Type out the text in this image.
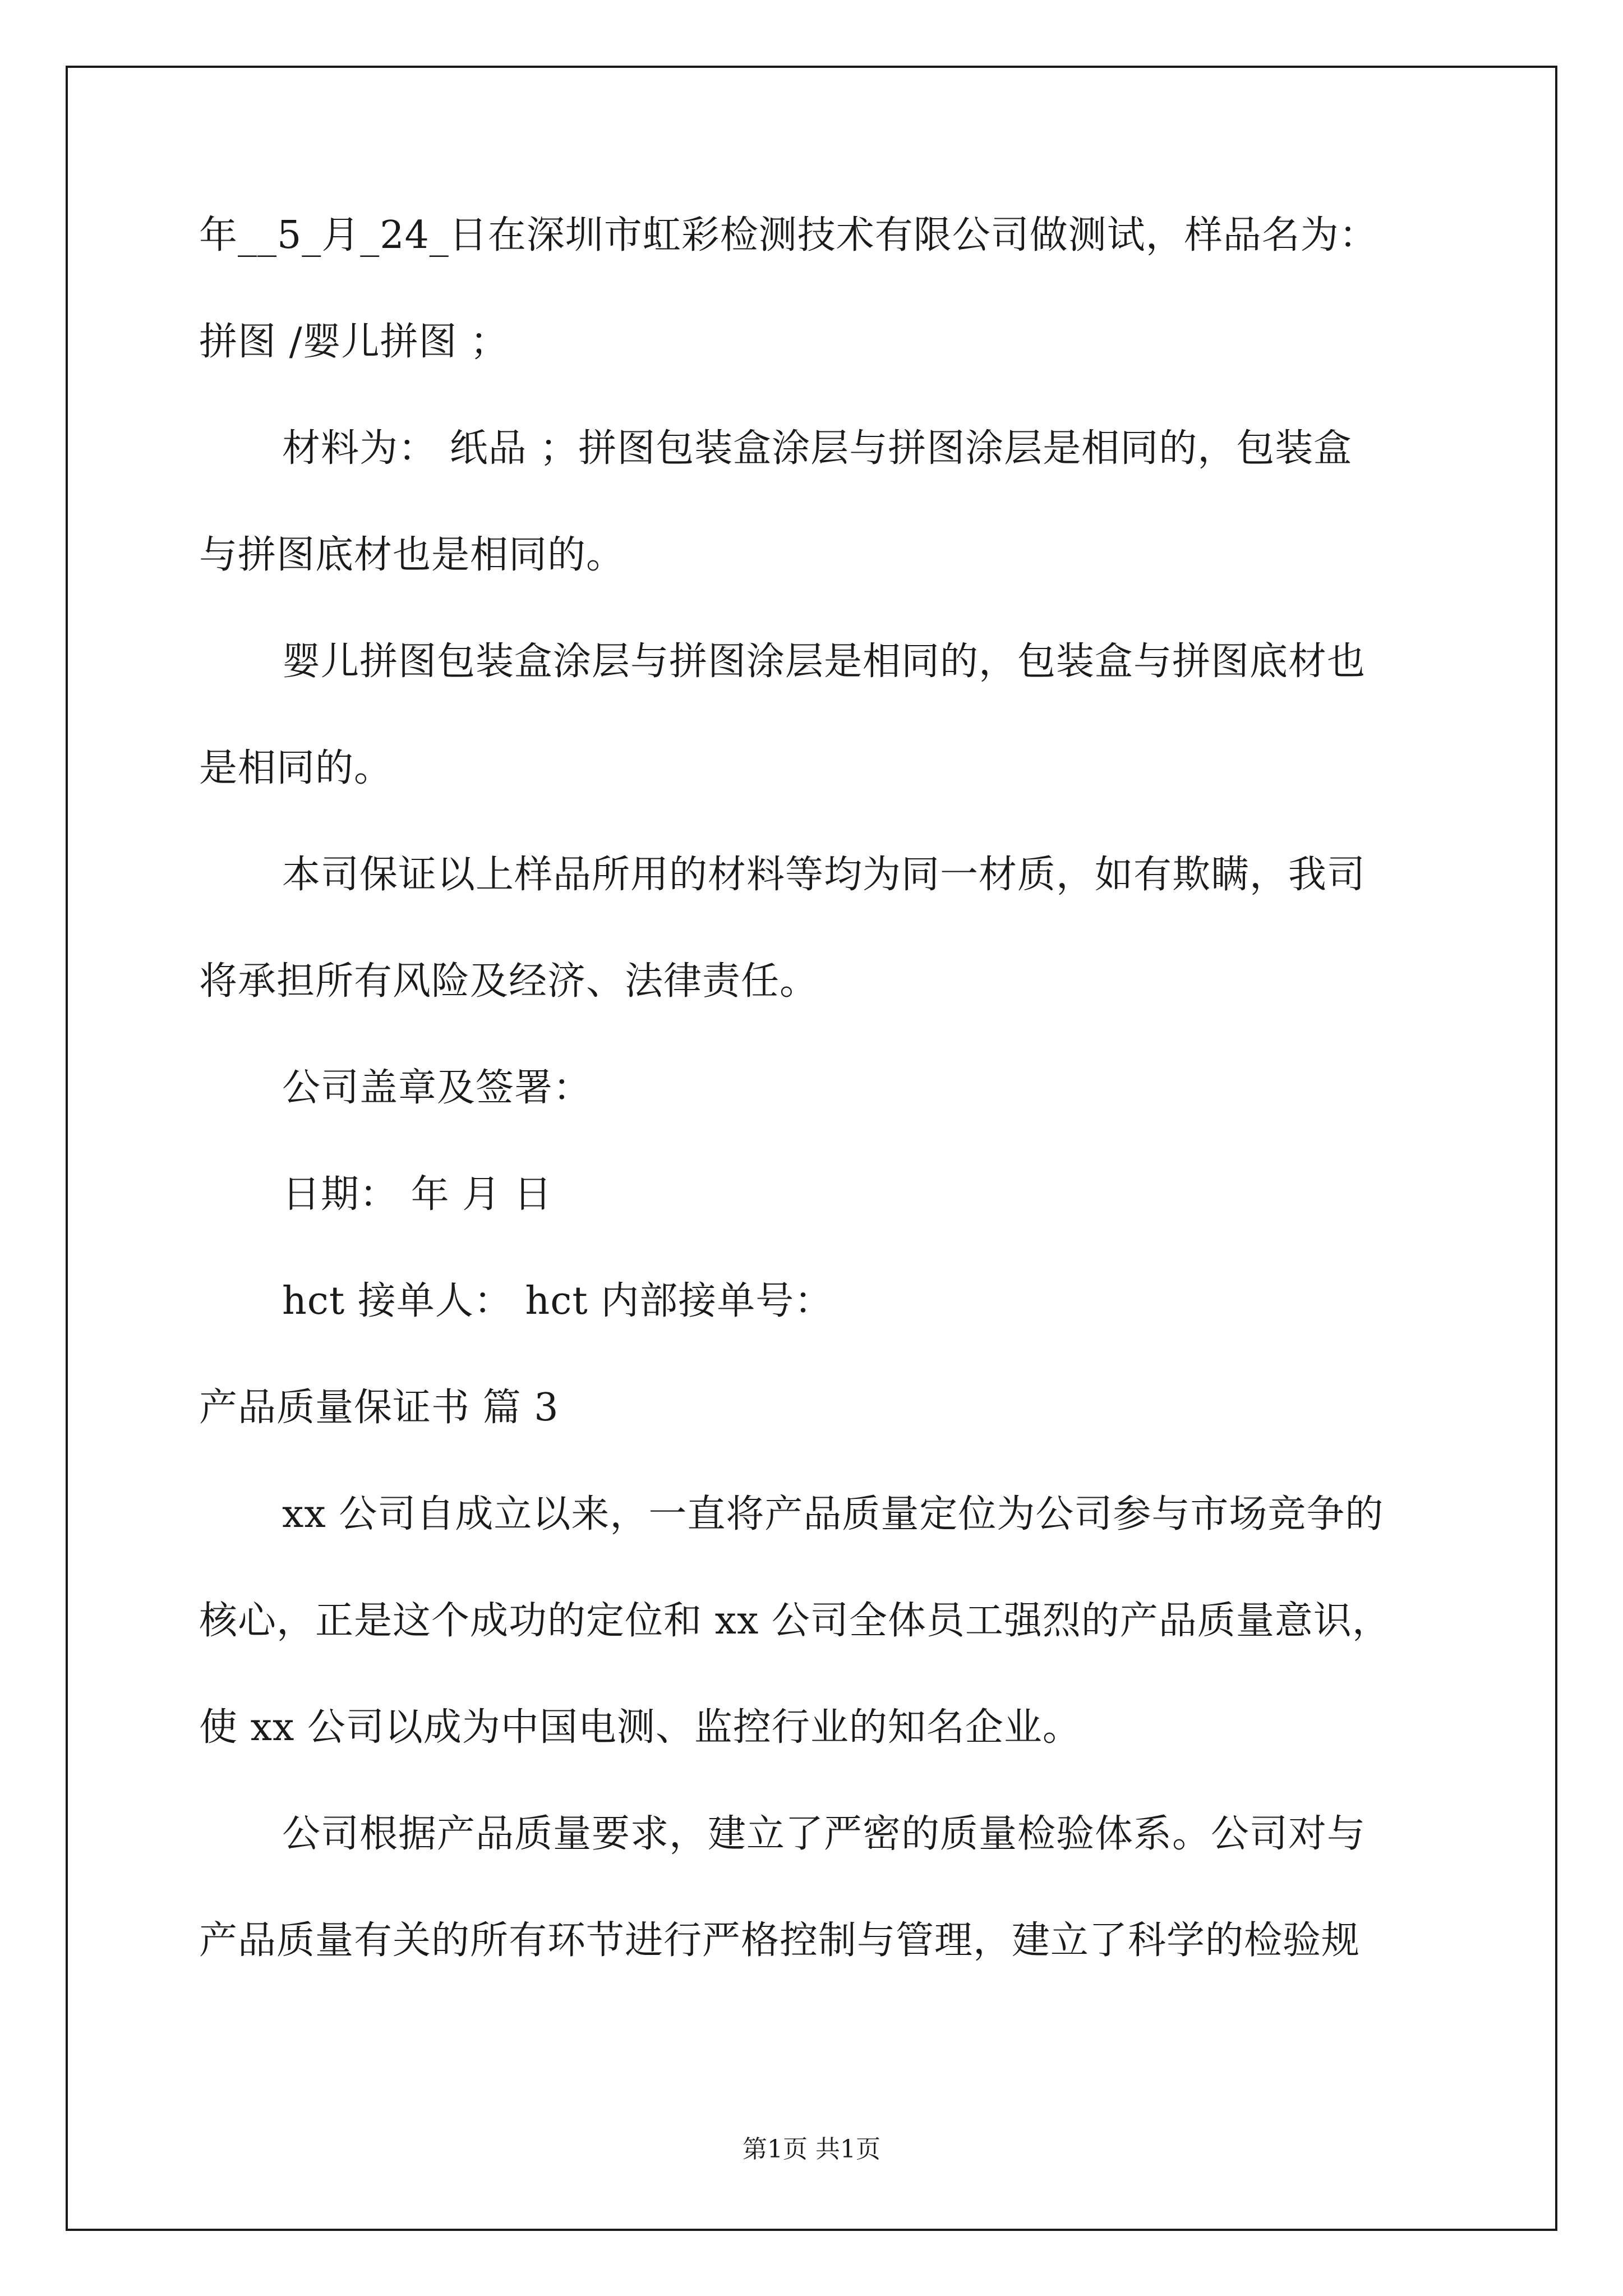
年__5_月_24_日在深圳市虹彩检测技术有限公司做测试，样品名为：
拼图 /婴儿拼图 ；
材料为： 纸品 ；拼图包装盒涂层与拼图涂层是相同的，包装盒
与拼图底材也是相同的。
婴儿拼图包装盒涂层与拼图涂层是相同的，包装盒与拼图底材也
是相同的。
本司保证以上样品所用的材料等均为同一材质，如有欺瞒，我司
将承担所有风险及经济、法律责任。
公司盖章及签署：
日期： 年 月 日
hct 接单人： hct 内部接单号：
产品质量保证书 篇 3
xx 公司自成立以来，一直将产品质量定位为公司参与市场竞争的
核心，正是这个成功的定位和 xx 公司全体员工强烈的产品质量意识，
使 xx 公司以成为中国电测、监控行业的知名企业。
公司根据产品质量要求，建立了严密的质量检验体系。公司对与
产品质量有关的所有环节进行严格控制与管理，建立了科学的检验规
第1页 共1页
